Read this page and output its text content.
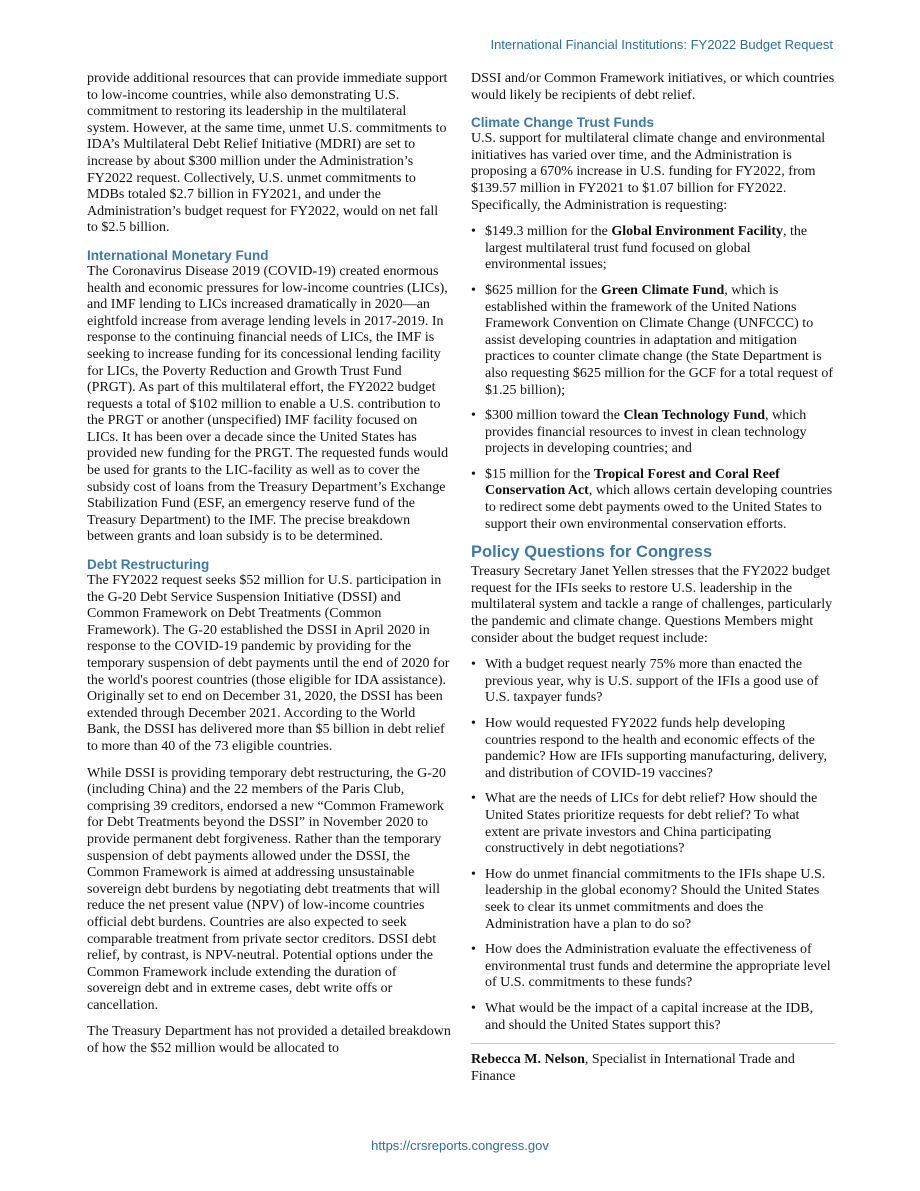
International Financial Institutions: FY2022 Budget Request

provide additional resources that can provide immediate support to low-income countries, while also demonstrating U.S. commitment to restoring its leadership in the multilateral system. However, at the same time, unmet U.S. commitments to IDA’s Multilateral Debt Relief Initiative (MDRI) are set to increase by about $300 million under the Administration’s FY2022 request. Collectively, U.S. unmet commitments to MDBs totaled $2.7 billion in FY2021, and under the Administration’s budget request for FY2022, would on net fall to $2.5 billion.

International Monetary Fund

The Coronavirus Disease 2019 (COVID-19) created enormous health and economic pressures for low-income countries (LICs), and IMF lending to LICs increased dramatically in 2020—an eightfold increase from average lending levels in 2017-2019. In response to the continuing financial needs of LICs, the IMF is seeking to increase funding for its concessional lending facility for LICs, the Poverty Reduction and Growth Trust Fund (PRGT). As part of this multilateral effort, the FY2022 budget requests a total of $102 million to enable a U.S. contribution to the PRGT or another (unspecified) IMF facility focused on LICs. It has been over a decade since the United States has provided new funding for the PRGT. The requested funds would be used for grants to the LIC-facility as well as to cover the subsidy cost of loans from the Treasury Department’s Exchange Stabilization Fund (ESF, an emergency reserve fund of the Treasury Department) to the IMF. The precise breakdown between grants and loan subsidy is to be determined.

Debt Restructuring

The FY2022 request seeks $52 million for U.S. participation in the G-20 Debt Service Suspension Initiative (DSSI) and Common Framework on Debt Treatments (Common Framework). The G-20 established the DSSI in April 2020 in response to the COVID-19 pandemic by providing for the temporary suspension of debt payments until the end of 2020 for the world's poorest countries (those eligible for IDA assistance). Originally set to end on December 31, 2020, the DSSI has been extended through December 2021. According to the World Bank, the DSSI has delivered more than $5 billion in debt relief to more than 40 of the 73 eligible countries.

While DSSI is providing temporary debt restructuring, the G-20 (including China) and the 22 members of the Paris Club, comprising 39 creditors, endorsed a new “Common Framework for Debt Treatments beyond the DSSI” in November 2020 to provide permanent debt forgiveness. Rather than the temporary suspension of debt payments allowed under the DSSI, the Common Framework is aimed at addressing unsustainable sovereign debt burdens by negotiating debt treatments that will reduce the net present value (NPV) of low-income countries official debt burdens. Countries are also expected to seek comparable treatment from private sector creditors. DSSI debt relief, by contrast, is NPV-neutral. Potential options under the Common Framework include extending the duration of sovereign debt and in extreme cases, debt write offs or cancellation.

The Treasury Department has not provided a detailed breakdown of how the $52 million would be allocated to

DSSI and/or Common Framework initiatives, or which countries would likely be recipients of debt relief.

Climate Change Trust Funds

U.S. support for multilateral climate change and environmental initiatives has varied over time, and the Administration is proposing a 670% increase in U.S. funding for FY2022, from $139.57 million in FY2021 to $1.07 billion for FY2022. Specifically, the Administration is requesting:

• $149.3 million for the Global Environment Facility, the largest multilateral trust fund focused on global environmental issues;
• $625 million for the Green Climate Fund, which is established within the framework of the United Nations Framework Convention on Climate Change (UNFCCC) to assist developing countries in adaptation and mitigation practices to counter climate change (the State Department is also requesting $625 million for the GCF for a total request of $1.25 billion);
• $300 million toward the Clean Technology Fund, which provides financial resources to invest in clean technology projects in developing countries; and
• $15 million for the Tropical Forest and Coral Reef Conservation Act, which allows certain developing countries to redirect some debt payments owed to the United States to support their own environmental conservation efforts.
Policy Questions for Congress

Treasury Secretary Janet Yellen stresses that the FY2022 budget request for the IFIs seeks to restore U.S. leadership in the multilateral system and tackle a range of challenges, particularly the pandemic and climate change. Questions Members might consider about the budget request include:

• With a budget request nearly 75% more than enacted the previous year, why is U.S. support of the IFIs a good use of U.S. taxpayer funds?
• How would requested FY2022 funds help developing countries respond to the health and economic effects of the pandemic? How are IFIs supporting manufacturing, delivery, and distribution of COVID-19 vaccines?
• What are the needs of LICs for debt relief? How should the United States prioritize requests for debt relief? To what extent are private investors and China participating constructively in debt negotiations?
• How do unmet financial commitments to the IFIs shape U.S. leadership in the global economy? Should the United States seek to clear its unmet commitments and does the Administration have a plan to do so?
• How does the Administration evaluate the effectiveness of environmental trust funds and determine the appropriate level of U.S. commitments to these funds?
• What would be the impact of a capital increase at the IDB, and should the United States support this?

Rebecca M. Nelson, Specialist in International Trade and Finance

https://crsreports.congress.gov
